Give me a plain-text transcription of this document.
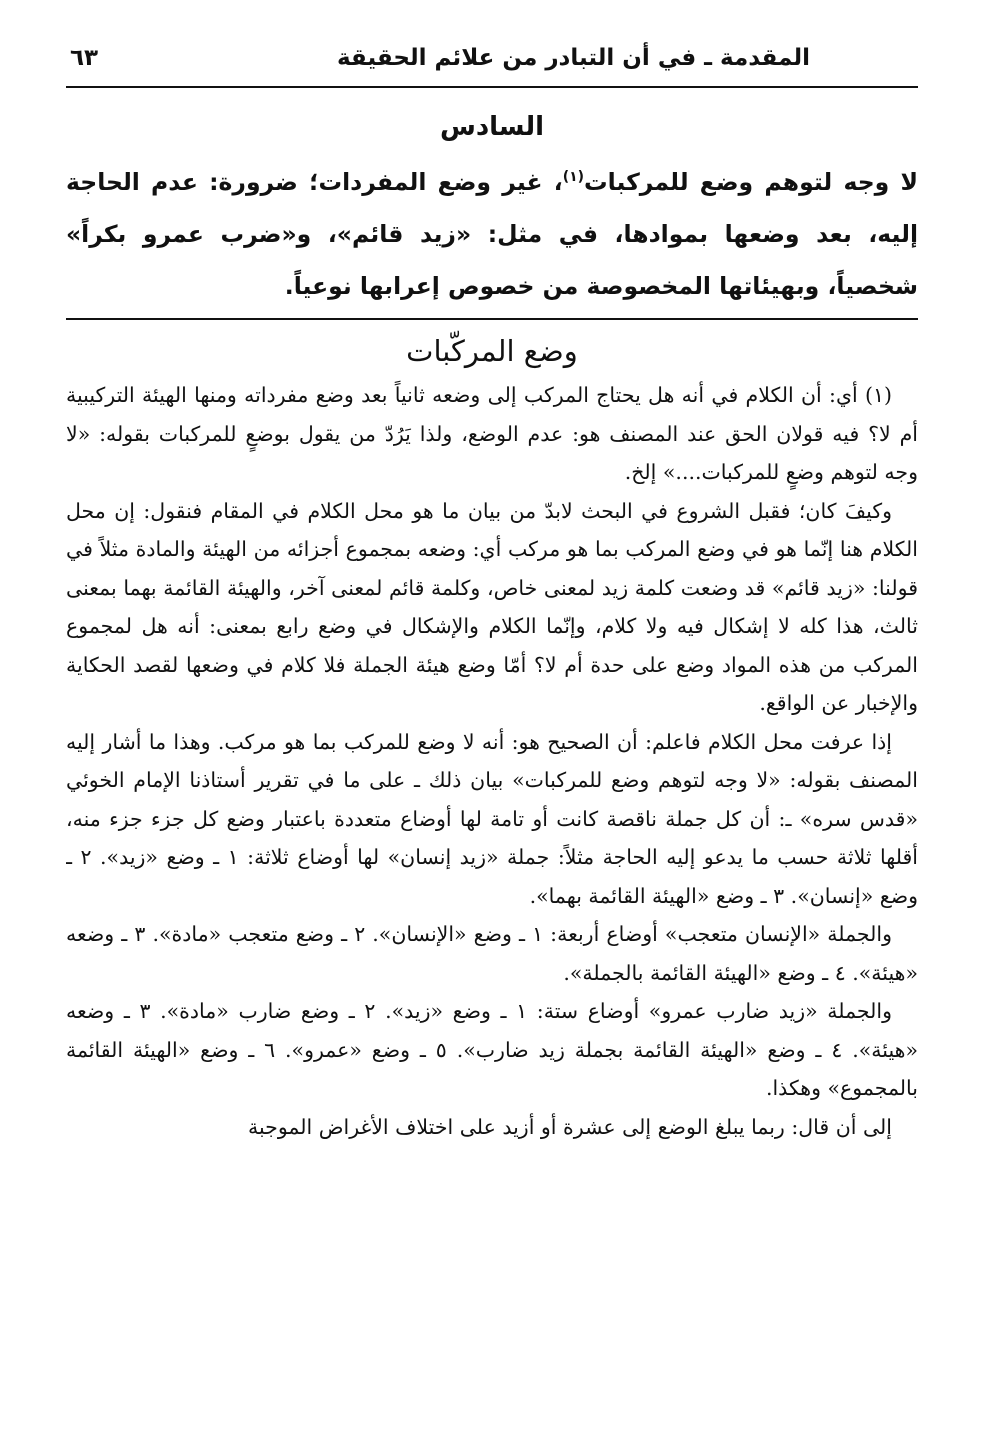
المقدمة ـ في أن التبادر من علائم الحقيقة
٦٣
السادس

لا وجه لتوهم وضع للمركبات$^{(١)}$، غير وضع المفردات؛ ضرورة: عدم الحاجة إليه، بعد وضعها بموادها، في مثل: «زيد قائم»، و«ضرب عمرو بكراً» شخصياً، وبهيئاتها المخصوصة من خصوص إعرابها نوعياً.

وضع المركّبات

(١) أي: أن الكلام في أنه هل يحتاج المركب إلى وضعه ثانياً بعد وضع مفرداته ومنها الهيئة التركيبية أم لا؟ فيه قولان الحق عند المصنف هو: عدم الوضع، ولذا يَرُدّ من يقول بوضعٍ للمركبات بقوله: «لا وجه لتوهم وضعٍ للمركبات....» إلخ.

وكيفَ كان؛ فقبل الشروع في البحث لابدّ من بيان ما هو محل الكلام في المقام فنقول: إن محل الكلام هنا إنّما هو في وضع المركب بما هو مركب أي: وضعه بمجموع أجزائه من الهيئة والمادة مثلاً في قولنا: «زيد قائم» قد وضعت كلمة زيد لمعنى خاص، وكلمة قائم لمعنى آخر، والهيئة القائمة بهما بمعنى ثالث، هذا كله لا إشكال فيه ولا كلام، وإنّما الكلام والإشكال في وضع رابع بمعنى: أنه هل لمجموع المركب من هذه المواد وضع على حدة أم لا؟ أمّا وضع هيئة الجملة فلا كلام في وضعها لقصد الحكاية والإخبار عن الواقع.

إذا عرفت محل الكلام فاعلم: أن الصحيح هو: أنه لا وضع للمركب بما هو مركب. وهذا ما أشار إليه المصنف بقوله: «لا وجه لتوهم وضع للمركبات» بيان ذلك ـ على ما في تقرير أستاذنا الإمام الخوئي «قدس سره» ـ: أن كل جملة ناقصة كانت أو تامة لها أوضاع متعددة باعتبار وضع كل جزء جزء منه، أقلها ثلاثة حسب ما يدعو إليه الحاجة مثلاً: جملة «زيد إنسان» لها أوضاع ثلاثة: ١ ـ وضع «زيد». ٢ ـ وضع «إنسان». ٣ ـ وضع «الهيئة القائمة بهما».

والجملة «الإنسان متعجب» أوضاع أربعة: ١ ـ وضع «الإنسان». ٢ ـ وضع متعجب «مادة». ٣ ـ وضعه «هيئة». ٤ ـ وضع «الهيئة القائمة بالجملة».

والجملة «زيد ضارب عمرو» أوضاع ستة: ١ ـ وضع «زيد». ٢ ـ وضع ضارب «مادة». ٣ ـ وضعه «هيئة». ٤ ـ وضع «الهيئة القائمة بجملة زيد ضارب». ٥ ـ وضع «عمرو». ٦ ـ وضع «الهيئة القائمة بالمجموع» وهكذا.

إلى أن قال: ربما يبلغ الوضع إلى عشرة أو أزيد على اختلاف الأغراض الموجبة
